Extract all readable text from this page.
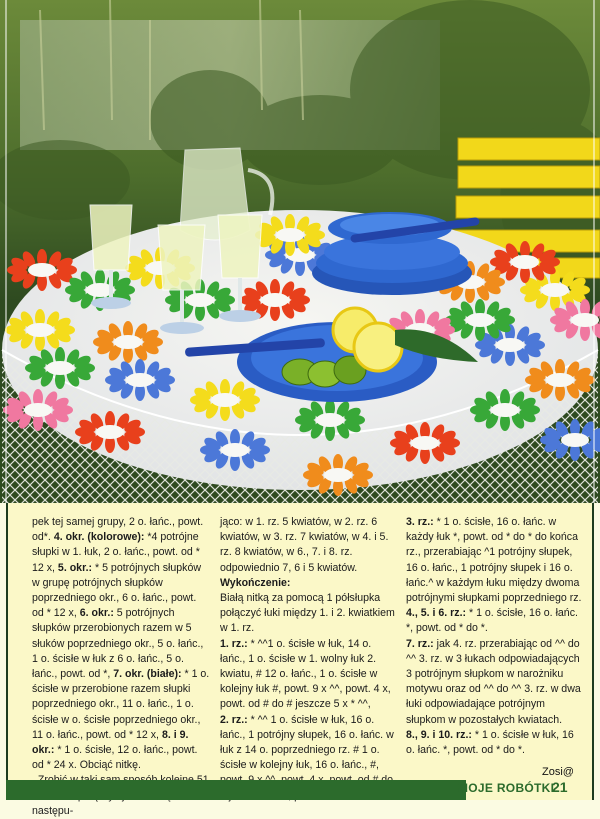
pek tej samej grupy, 2 o. łańc., powt. od*. 4. okr. (kolorowe): *4 potrójne słupki w 1. łuk, 2 o. łańc., powt. od * 12 x, 5. okr.: * 5 potrójnych słupków w grupę potrójnych słupków poprzedniego okr., 6 o. łańc., powt. od * 12 x, 6. okr.: 5 potrójnych słupków przerobionych razem w 5 słuków poprzedniego okr., 5 o. łańc., 1 o. ścisłe w łuk z 6 o. łańc., 5 o. łańc., powt. od *, 7. okr. (białe): * 1 o. ścisłe w przerobione razem słupki poprzedniego okr., 11 o. łańc., 1 o. ścisłe w o. ścisłe poprzedniego okr., 11 o. łańc., powt. od * 12 x, 8. i 9. okr.: * 1 o. ścisłe, 12 o. łańc., powt. od * 24 x. Obciąć nitkę.

następu-

jąco: w 1. rz. 5 kwiatów, w 2. rz. 6 kwiatów, w 3. rz. 7 kwiatów, w 4. i 5. rz. 8 kwiatów, w 6., 7. i 8. rz. odpowiednio 7, 6 i 5 kwiatów.

Wykończenie:

Białą nitką za pomocą 1 półsłupka połączyć łuki między 1. i 2. kwiatkiem w 1. rz.

1. rz.: * ^^1 o. ścisłe w łuk, 14 o. łańc., 1 o. ścisłe w 1. wolny łuk 2. kwiatu, # 12 o. łańc., 1 o. ścisłe w kolejny łuk #, powt. 9 x ^^, powt. 4 x, powt. od # do # jeszcze 5 x * ^^,

2. rz.: * ^^ 1 o. ścisłe w łuk, 16 o. łańc., 1 potrójny słupek, 16 o. łańc. w łuk z 14 o. poprzedniego rz. # 1 o. ścisłe w kolejny łuk, 16 o. łańc., #,

3. rz.: * 1 o. ścisłe, 16 o. łańc. w każdy łuk *, powt. od * do * do końca rz., przerabiając ^1 potrójny słupek, 16 o. łańc., 1 potrójny słupek i 16 o. łańc.^ w każdym łuku między dwoma potrójnymi słupkami poprzedniego rz.

4., 5. i 6. rz.: * 1 o. ścisłe, 16 o. łańc. *, powt. od * do *.

7. rz.: jak 4. rz. przerabiając od ^^ do ^^ 3. rz. w 3 łukach odpowiadających 3 potrójnym słupkom w narożniku motywu oraz od ^^ do ^^ 3. rz. w dwa łuki odpowiadające potrójnym słupkom w pozostałych kwiatach.

8., 9. i 10. rz.: * 1 o. ścisłe w łuk, 16 o. łańc. *, powt. od * do *.

Zosi@
MOJE ROBÓTKI
21
